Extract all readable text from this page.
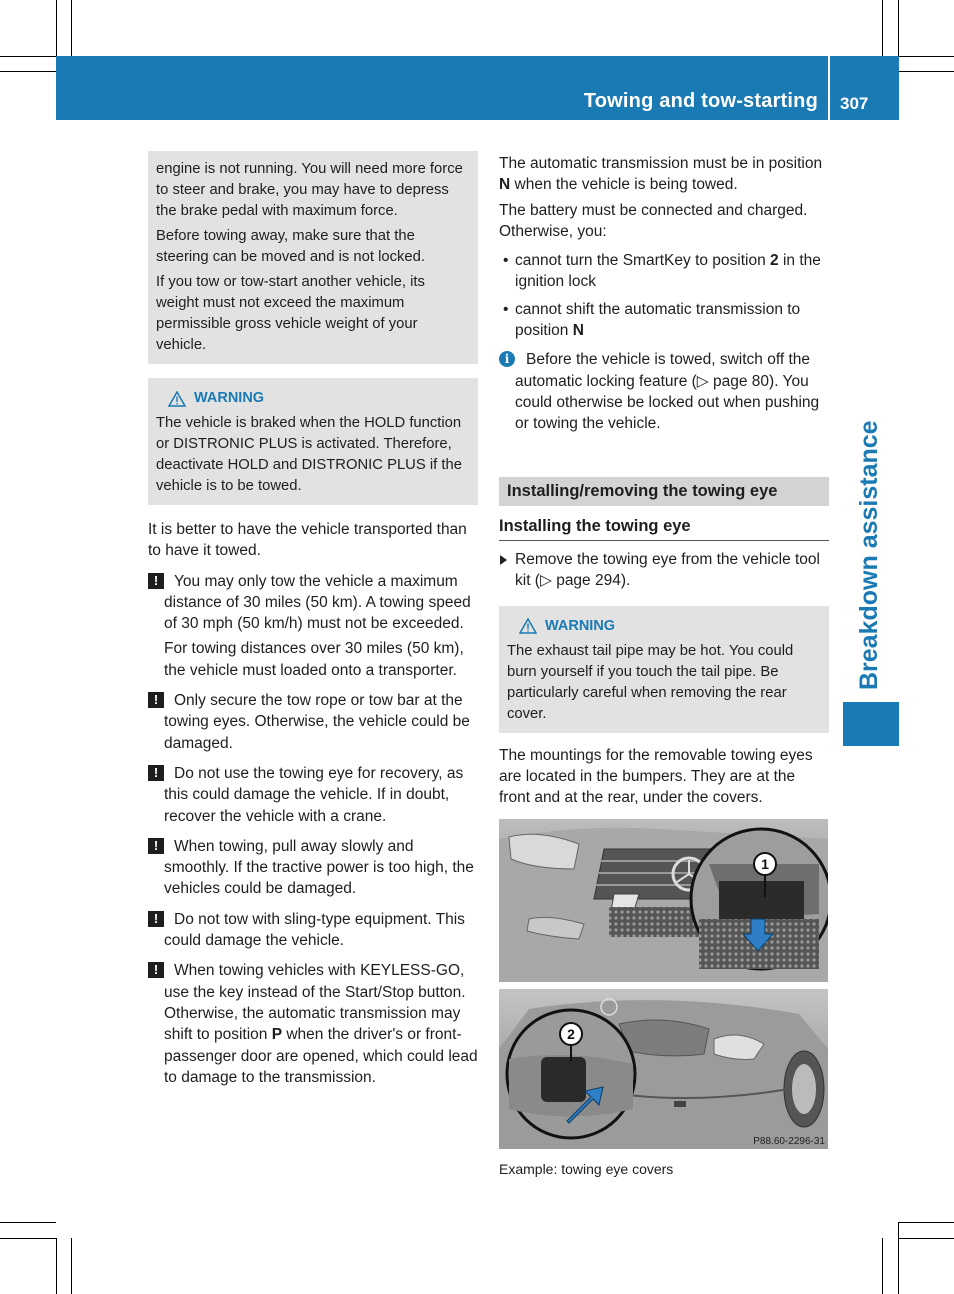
Towing and tow-starting 307
Breakdown assistance

engine is not running. You will need more force to steer and brake, you may have to depress the brake pedal with maximum force.

Before towing away, make sure that the steering can be moved and is not locked.

If you tow or tow-start another vehicle, its weight must not exceed the maximum permissible gross vehicle weight of your vehicle.

WARNING

The vehicle is braked when the HOLD function or DISTRONIC PLUS is activated. Therefore, deactivate HOLD and DISTRONIC PLUS if the vehicle is to be towed.

It is better to have the vehicle transported than to have it towed.

!	You may only tow the vehicle a maximum distance of 30 miles (50 km). A towing speed of 30 mph (50 km/h) must not be exceeded.
For towing distances over 30 miles (50 km), the vehicle must loaded onto a transporter.
!	Only secure the tow rope or tow bar at the towing eyes. Otherwise, the vehicle could be damaged.
!	Do not use the towing eye for recovery, as this could damage the vehicle. If in doubt, recover the vehicle with a crane.
!	When towing, pull away slowly and smoothly. If the tractive power is too high, the vehicles could be damaged.
!	Do not tow with sling-type equipment. This could damage the vehicle.
!	When towing vehicles with KEYLESS-GO, use the key instead of the Start/Stop button. Otherwise, the automatic transmission may shift to position P when the driver's or front-passenger door are opened, which could lead to damage to the transmission.

The automatic transmission must be in position N when the vehicle is being towed.

The battery must be connected and charged. Otherwise, you:

• cannot turn the SmartKey to position 2 in the ignition lock
• cannot shift the automatic transmission to position N
i	Before the vehicle is towed, switch off the automatic locking feature (▷ page 80). You could otherwise be locked out when pushing or towing the vehicle.
Installing/removing the towing eye
Installing the towing eye
Remove the towing eye from the vehicle tool kit (▷ page 294).
WARNING

The exhaust tail pipe may be hot. You could burn yourself if you touch the tail pipe. Be particularly careful when removing the rear cover.

The mountings for the removable towing eyes are located in the bumpers. They are at the front and at the rear, under the covers.

1
2
P88.60-2296-31

Example: towing eye covers
